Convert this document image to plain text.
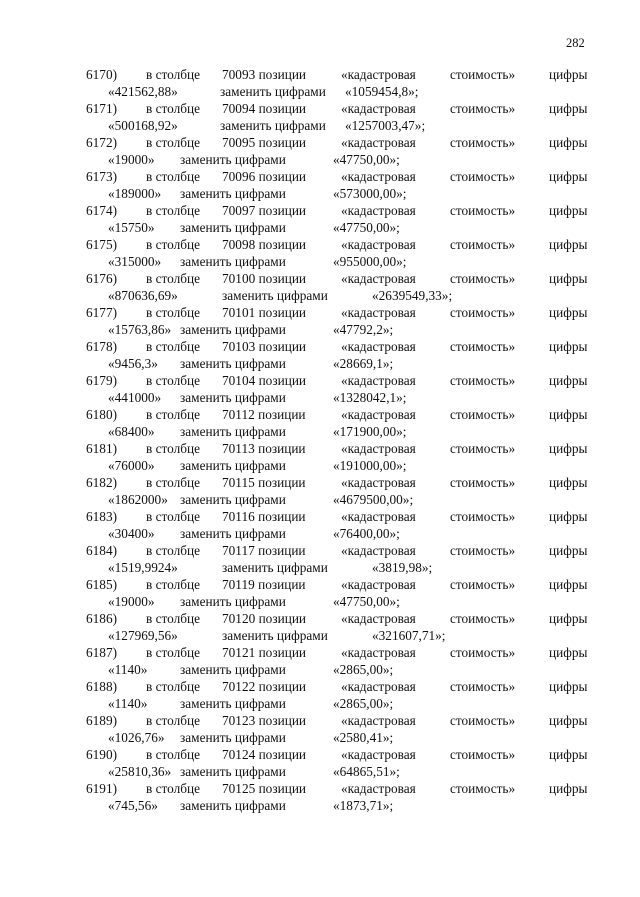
282
6170) в столбце 70093 позиции	«кадастровая	стоимость»	цифры
«421562,88»	заменить цифрами «1059454,8»;
6171) в столбце 70094 позиции	«кадастровая	стоимость»	цифры
«500168,92»	заменить цифрами «1257003,47»;
6172) в столбце 70095 позиции	«кадастровая	стоимость»	цифры
«19000» заменить цифрами	«47750,00»;
6173) в столбце 70096 позиции	«кадастровая	стоимость»	цифры
«189000» заменить цифрами	«573000,00»;
6174) в столбце 70097 позиции	«кадастровая	стоимость»	цифры
«15750» заменить цифрами	«47750,00»;
6175) в столбце 70098 позиции	«кадастровая	стоимость»	цифры
«315000» заменить цифрами	«955000,00»;
6176) в столбце 70100 позиции	«кадастровая	стоимость»	цифры
«870636,69»	заменить цифрами	«2639549,33»;
6177) в столбце 70101 позиции	«кадастровая	стоимость»	цифры
«15763,86» заменить цифрами	«47792,2»;
6178) в столбце 70103 позиции	«кадастровая	стоимость»	цифры
«9456,3» заменить цифрами	«28669,1»;
6179) в столбце 70104 позиции	«кадастровая	стоимость»	цифры
«441000» заменить цифрами	«1328042,1»;
6180) в столбце 70112 позиции	«кадастровая	стоимость»	цифры
«68400» заменить цифрами	«171900,00»;
6181) в столбце 70113 позиции	«кадастровая	стоимость»	цифры
«76000» заменить цифрами	«191000,00»;
6182) в столбце 70115 позиции	«кадастровая	стоимость»	цифры
«1862000» заменить цифрами	«4679500,00»;
6183) в столбце 70116 позиции	«кадастровая	стоимость»	цифры
«30400» заменить цифрами	«76400,00»;
6184) в столбце 70117 позиции	«кадастровая	стоимость»	цифры
«1519,9924»	заменить цифрами	«3819,98»;
6185) в столбце 70119 позиции	«кадастровая	стоимость»	цифры
«19000» заменить цифрами	«47750,00»;
6186) в столбце 70120 позиции	«кадастровая	стоимость»	цифры
«127969,56»	заменить цифрами	«321607,71»;
6187) в столбце 70121 позиции	«кадастровая	стоимость»	цифры
«1140» заменить цифрами	«2865,00»;
6188) в столбце 70122 позиции	«кадастровая	стоимость»	цифры
«1140» заменить цифрами	«2865,00»;
6189) в столбце 70123 позиции	«кадастровая	стоимость»	цифры
«1026,76» заменить цифрами	«2580,41»;
6190) в столбце 70124 позиции	«кадастровая	стоимость»	цифры
«25810,36» заменить цифрами	«64865,51»;
6191) в столбце 70125 позиции	«кадастровая	стоимость»	цифры
«745,56» заменить цифрами	«1873,71»;
